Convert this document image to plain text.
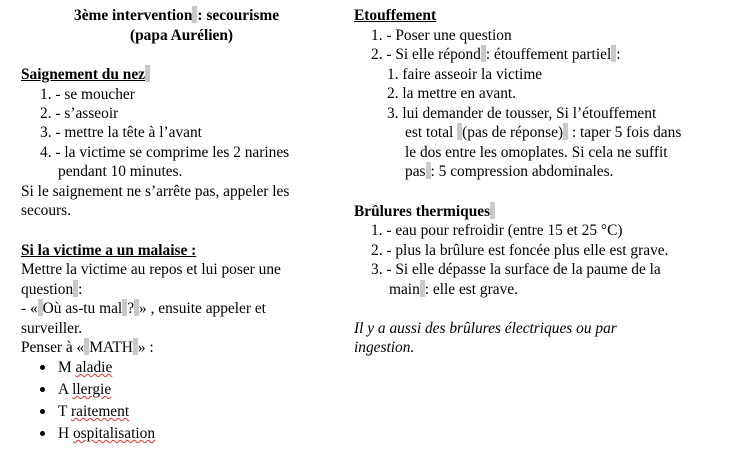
3ème intervention : secourisme
(papa Aurélien)
Saignement du nez
1. - se moucher
2. - s’asseoir
3. - mettre la tête à l’avant
4. - la victime se comprime les 2 narines
pendant 10 minutes.
Si le saignement ne s’arrête pas, appeler les
secours.
Si la victime a un malaise :
Mettre la victime au repos et lui poser une
question :
- « Où as-tu mal ? » , ensuite appeler et
surveiller.
Penser à « MATH » :
M aladie
A llergie
T raitement
H ospitalisation
Etouffement
1. - Poser une question
2. - Si elle répond : étouffement partiel :
1. faire asseoir la victime
2. la mettre en avant.
3. lui demander de tousser, Si l’étouffement
est total (pas de réponse) : taper 5 fois dans
le dos entre les omoplates. Si cela ne suffit
pas : 5 compression abdominales.
Brûlures thermiques
1. - eau pour refroidir (entre 15 et 25 °C)
2. - plus la brûlure est foncée plus elle est grave.
3. - Si elle dépasse la surface de la paume de la
main : elle est grave.
Il y a aussi des brûlures électriques ou par
ingestion.
